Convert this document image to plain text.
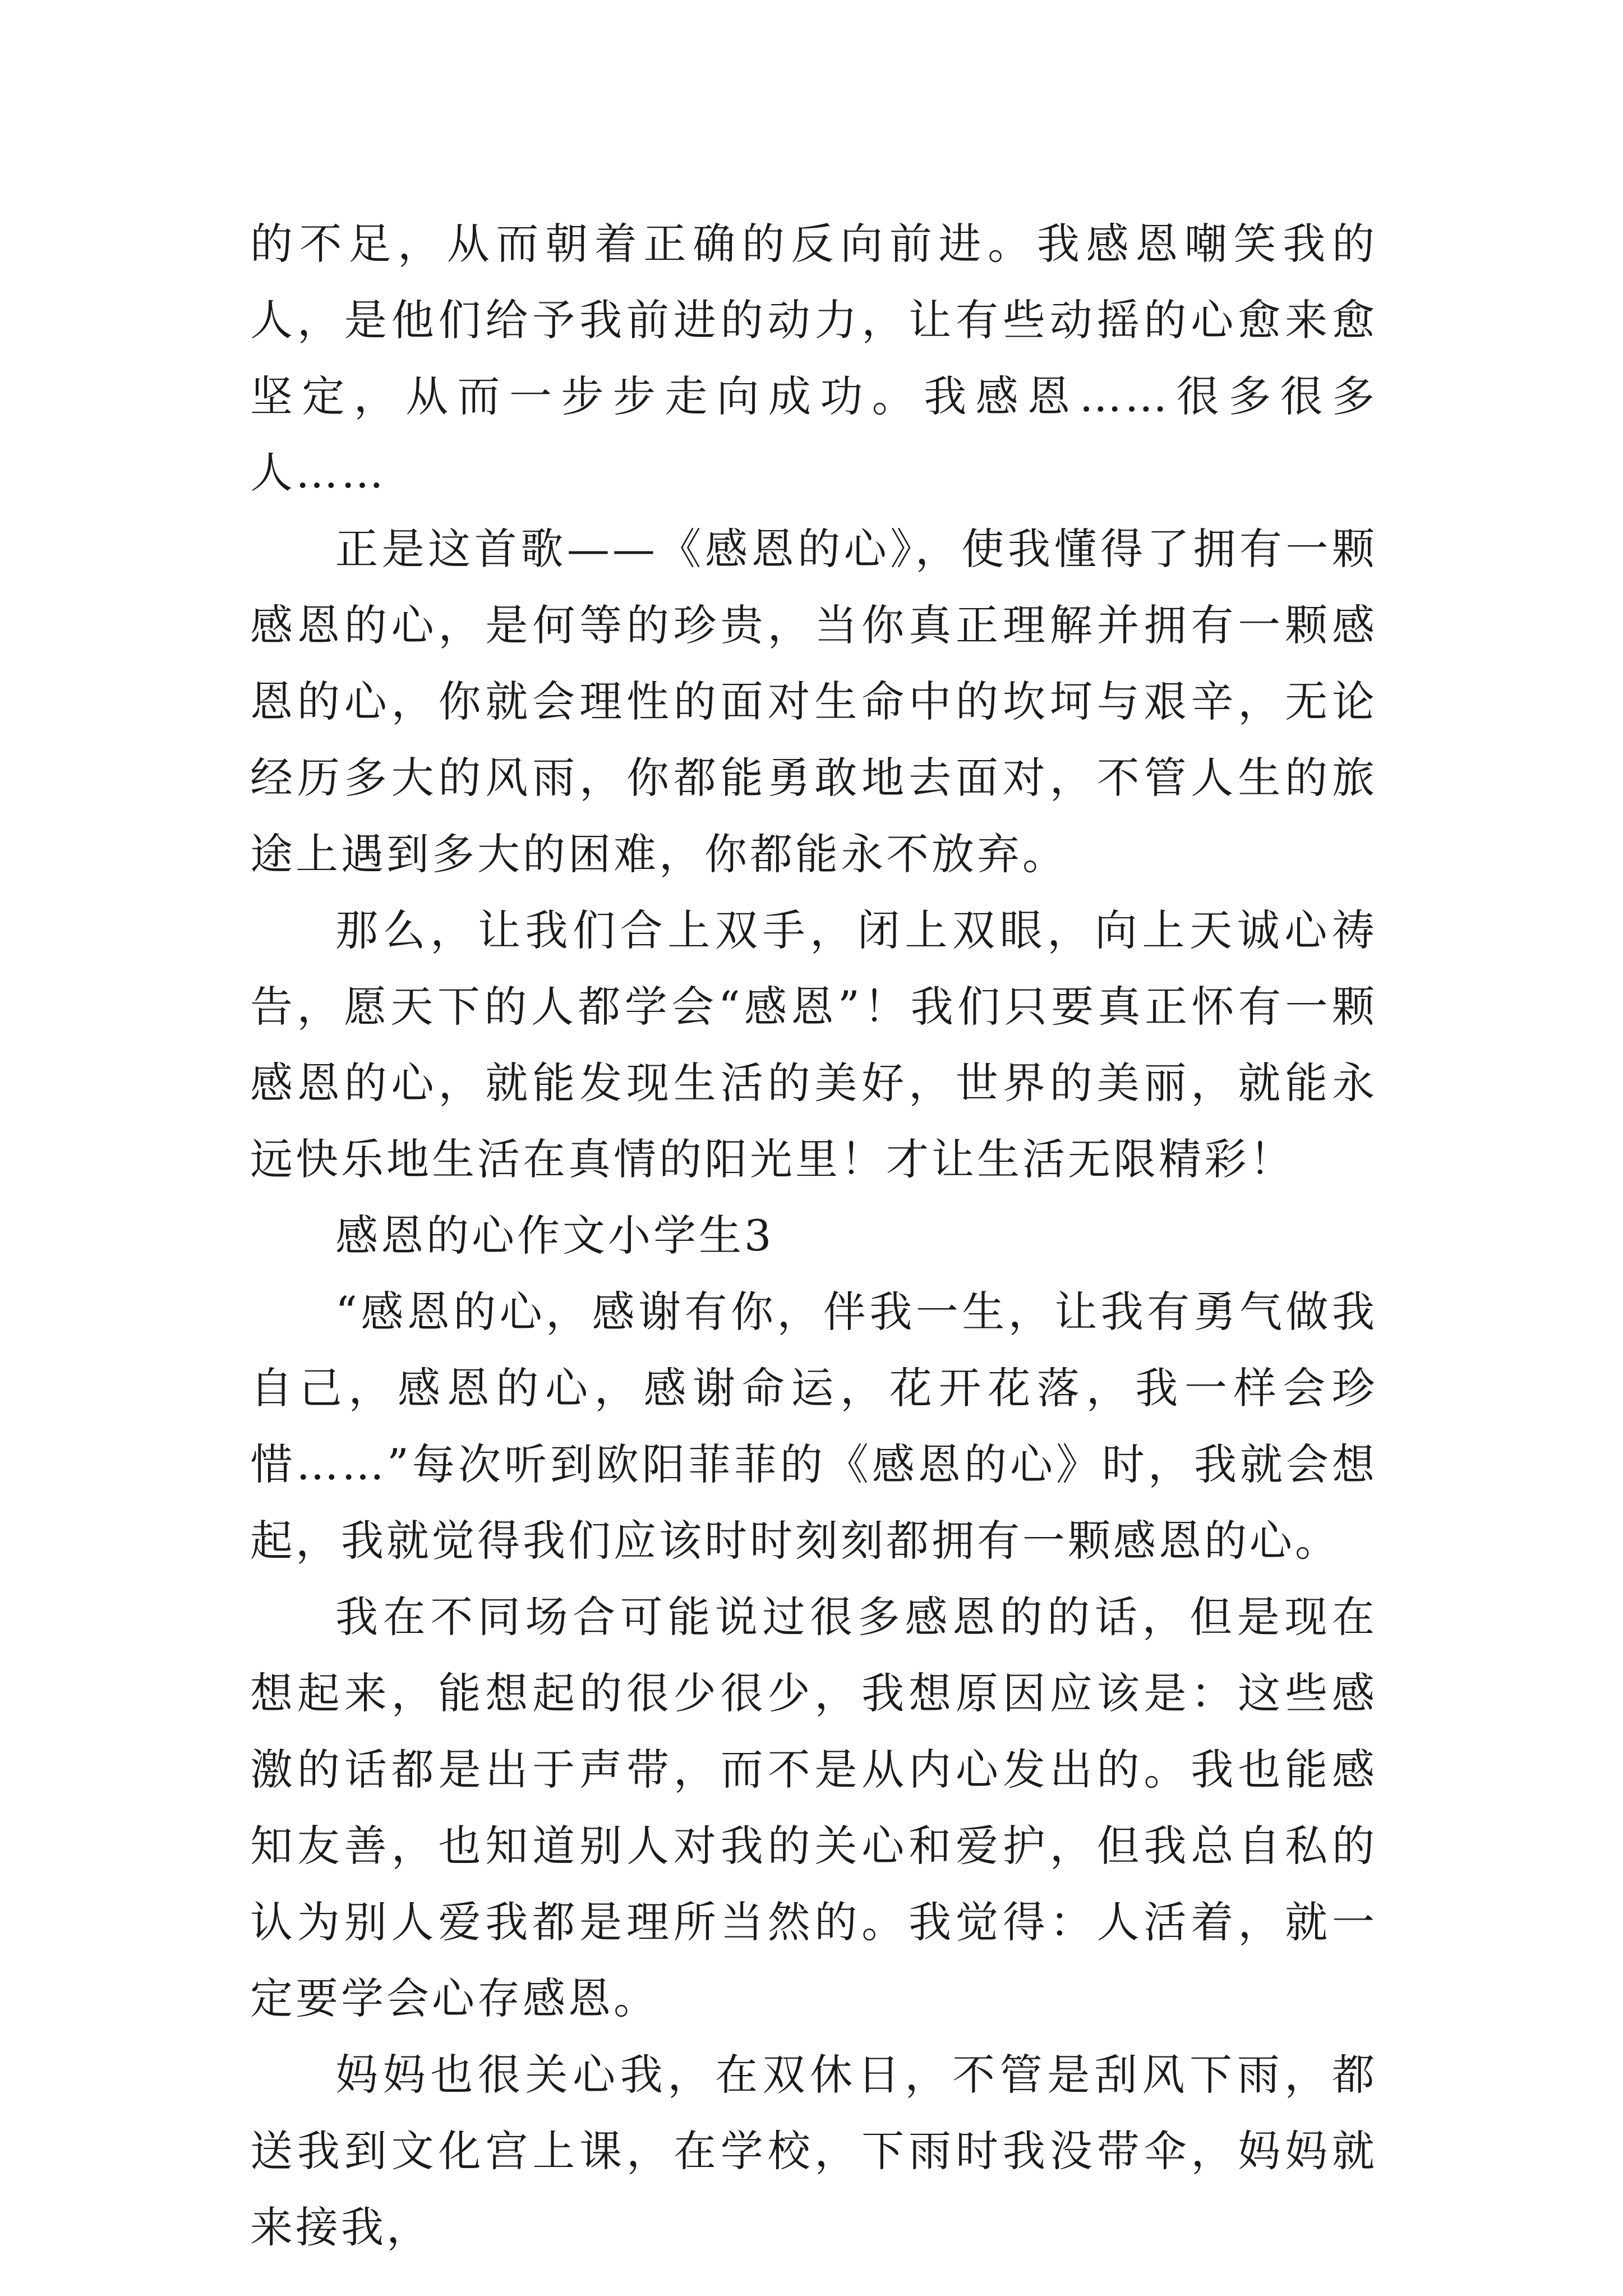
的不足，从而朝着正确的反向前进。我感恩嘲笑我的人，是他们给予我前进的动力，让有些动摇的心愈来愈坚定，从而一步步走向成功。我感恩……很多很多人……

正是这首歌——《感恩的心》，使我懂得了拥有一颗感恩的心，是何等的珍贵，当你真正理解并拥有一颗感恩的心，你就会理性的面对生命中的坎坷与艰辛，无论经历多大的风雨，你都能勇敢地去面对，不管人生的旅途上遇到多大的困难，你都能永不放弃。

那么，让我们合上双手，闭上双眼，向上天诚心祷告，愿天下的人都学会“感恩”！我们只要真正怀有一颗感恩的心，就能发现生活的美好，世界的美丽，就能永远快乐地生活在真情的阳光里！才让生活无限精彩！

感恩的心作文小学生3

“感恩的心，感谢有你，伴我一生，让我有勇气做我自己，感恩的心，感谢命运，花开花落，我一样会珍惜……”每次听到欧阳菲菲的《感恩的心》时，我就会想起，我就觉得我们应该时时刻刻都拥有一颗感恩的心。

我在不同场合可能说过很多感恩的的话，但是现在想起来，能想起的很少很少，我想原因应该是：这些感激的话都是出于声带，而不是从内心发出的。我也能感知友善，也知道别人对我的关心和爱护，但我总自私的认为别人爱我都是理所当然的。我觉得：人活着，就一定要学会心存感恩。

妈妈也很关心我，在双休日，不管是刮风下雨，都送我到文化宫上课，在学校，下雨时我没带伞，妈妈就来接我，
